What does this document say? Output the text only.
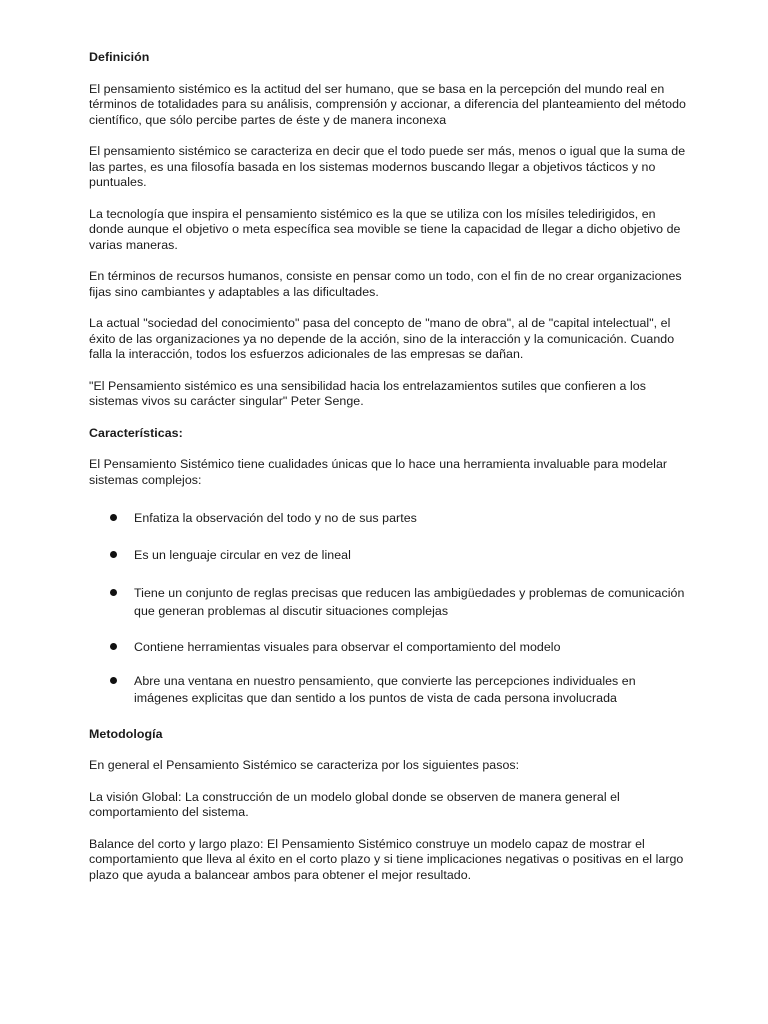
Definición

El pensamiento sistémico es la actitud del ser humano, que se basa en la percepción del mundo real en términos de totalidades para su análisis, comprensión y accionar, a diferencia del planteamiento del método científico, que sólo percibe partes de éste y de manera inconexa

El pensamiento sistémico se caracteriza en decir que el todo puede ser más, menos o igual que la suma de las partes, es una filosofía basada en los sistemas modernos buscando llegar a objetivos tácticos y no puntuales.

La tecnología que inspira el pensamiento sistémico es la que se utiliza con los mísiles teledirigidos, en donde aunque el objetivo o meta específica sea movible se tiene la capacidad de llegar a dicho objetivo de varias maneras.

En términos de recursos humanos, consiste en pensar como un todo, con el fin de no crear organizaciones fijas sino cambiantes y adaptables a las dificultades.

La actual "sociedad del conocimiento" pasa del concepto de "mano de obra", al de "capital intelectual", el éxito de las organizaciones ya no depende de la acción, sino de la interacción y la comunicación. Cuando falla la interacción, todos los esfuerzos adicionales de las empresas se dañan.

"El Pensamiento sistémico es una sensibilidad hacia los entrelazamientos sutiles que confieren a los sistemas vivos su carácter singular" Peter Senge.

Características:

El Pensamiento Sistémico tiene cualidades únicas que lo hace una herramienta invaluable para modelar sistemas complejos:

Enfatiza la observación del todo y no de sus partes
Es un lenguaje circular en vez de lineal
Tiene un conjunto de reglas precisas que reducen las ambigüedades y problemas de comunicación que generan problemas al discutir situaciones complejas
Contiene herramientas visuales para observar el comportamiento del modelo
Abre una ventana en nuestro pensamiento, que convierte las percepciones individuales en imágenes explicitas que dan sentido a los puntos de vista de cada persona involucrada
Metodología

En general el Pensamiento Sistémico se caracteriza por los siguientes pasos:

La visión Global: La construcción de un modelo global donde se observen de manera general el comportamiento del sistema.

Balance del corto y largo plazo: El Pensamiento Sistémico construye un modelo capaz de mostrar el comportamiento que lleva al éxito en el corto plazo y si tiene implicaciones negativas o positivas en el largo plazo que ayuda a balancear ambos para obtener el mejor resultado.
